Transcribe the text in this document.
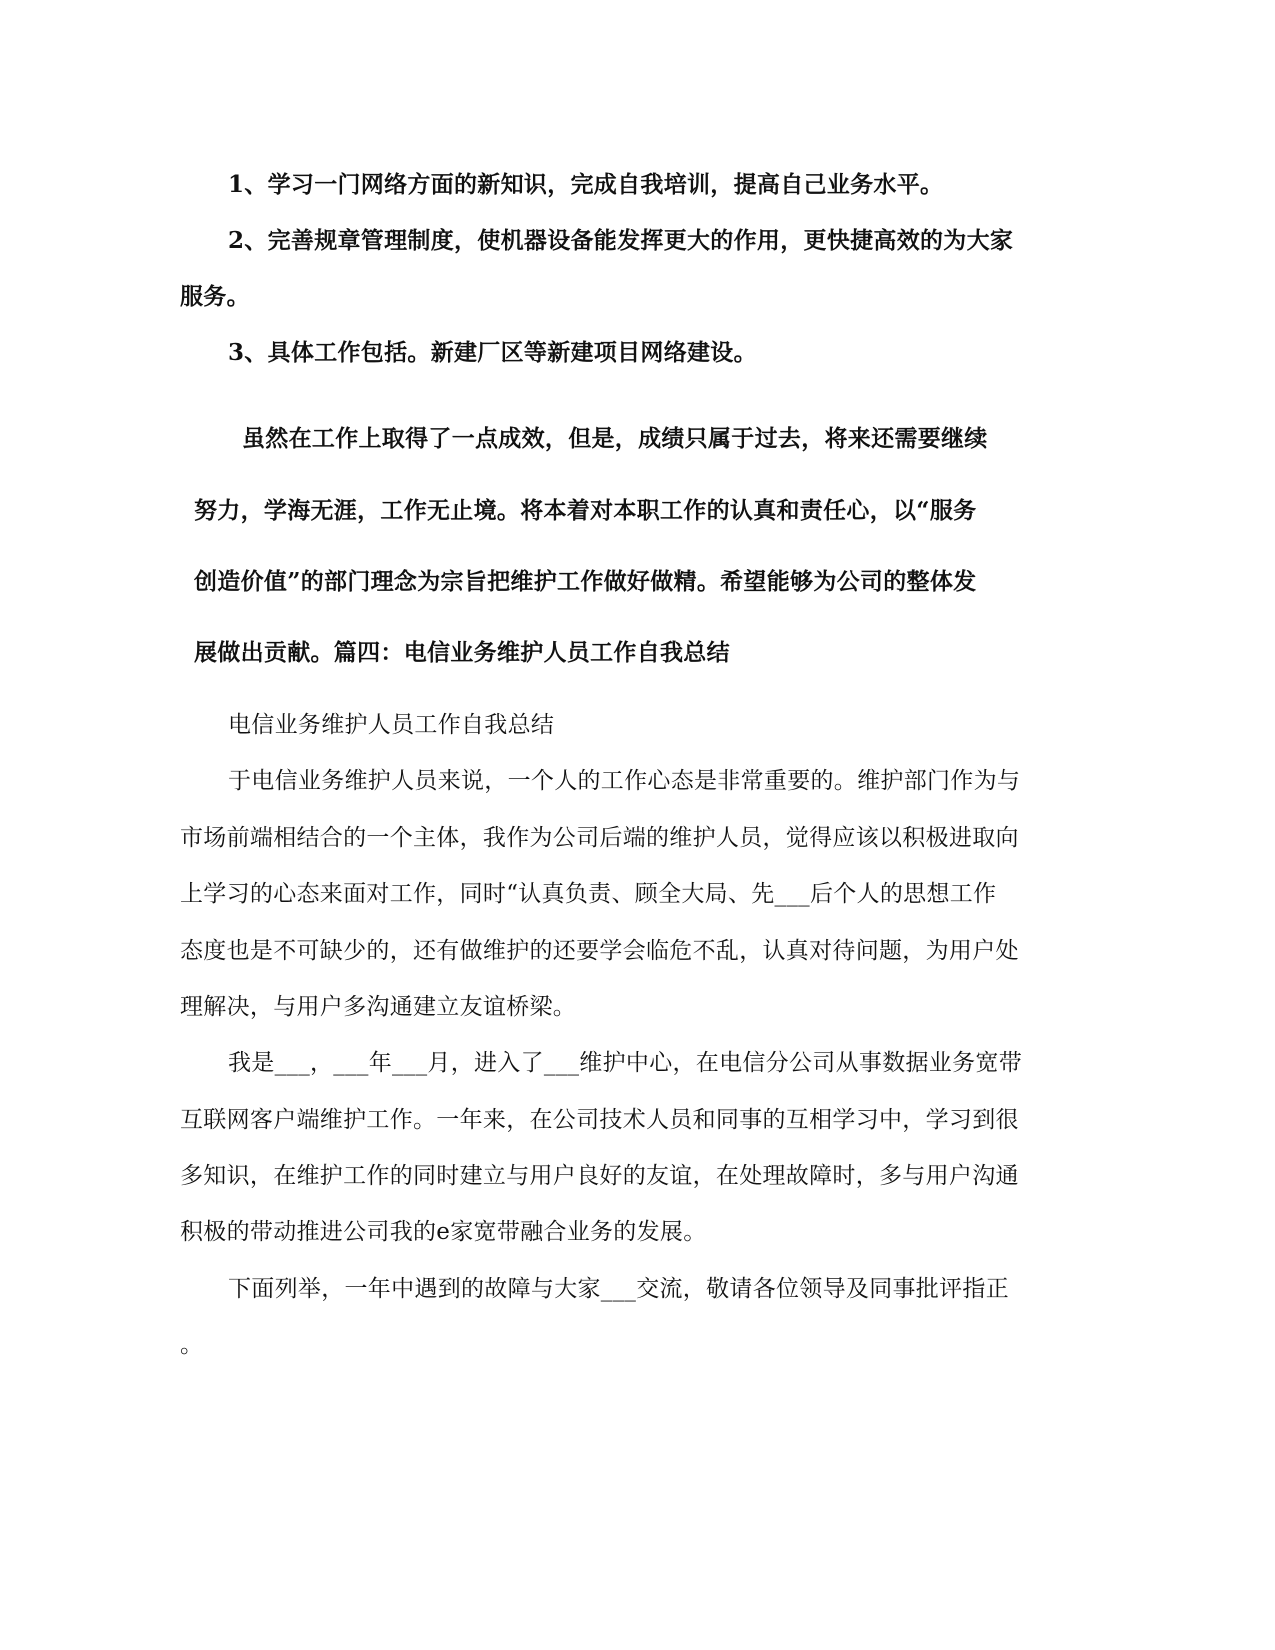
1、学习一门网络方面的新知识，完成自我培训，提高自己业务水平。
2、完善规章管理制度，使机器设备能发挥更大的作用，更快捷高效的为大家
服务。
3、具体工作包括。新建厂区等新建项目网络建设。
虽然在工作上取得了一点成效，但是，成绩只属于过去，将来还需要继续
努力，学海无涯，工作无止境。将本着对本职工作的认真和责任心，以“服务
创造价值”的部门理念为宗旨把维护工作做好做精。希望能够为公司的整体发
展做出贡献。篇四：电信业务维护人员工作自我总结
电信业务维护人员工作自我总结
于电信业务维护人员来说，一个人的工作心态是非常重要的。维护部门作为与
市场前端相结合的一个主体，我作为公司后端的维护人员，觉得应该以积极进取向
上学习的心态来面对工作，同时“认真负责、顾全大局、先___后个人的思想工作
态度也是不可缺少的，还有做维护的还要学会临危不乱，认真对待问题，为用户处
理解决，与用户多沟通建立友谊桥梁。
我是___，___年___月，进入了___维护中心，在电信分公司从事数据业务宽带
互联网客户端维护工作。一年来，在公司技术人员和同事的互相学习中，学习到很
多知识，在维护工作的同时建立与用户良好的友谊，在处理故障时，多与用户沟通
积极的带动推进公司我的e家宽带融合业务的发展。
下面列举，一年中遇到的故障与大家___交流，敬请各位领导及同事批评指正
。
